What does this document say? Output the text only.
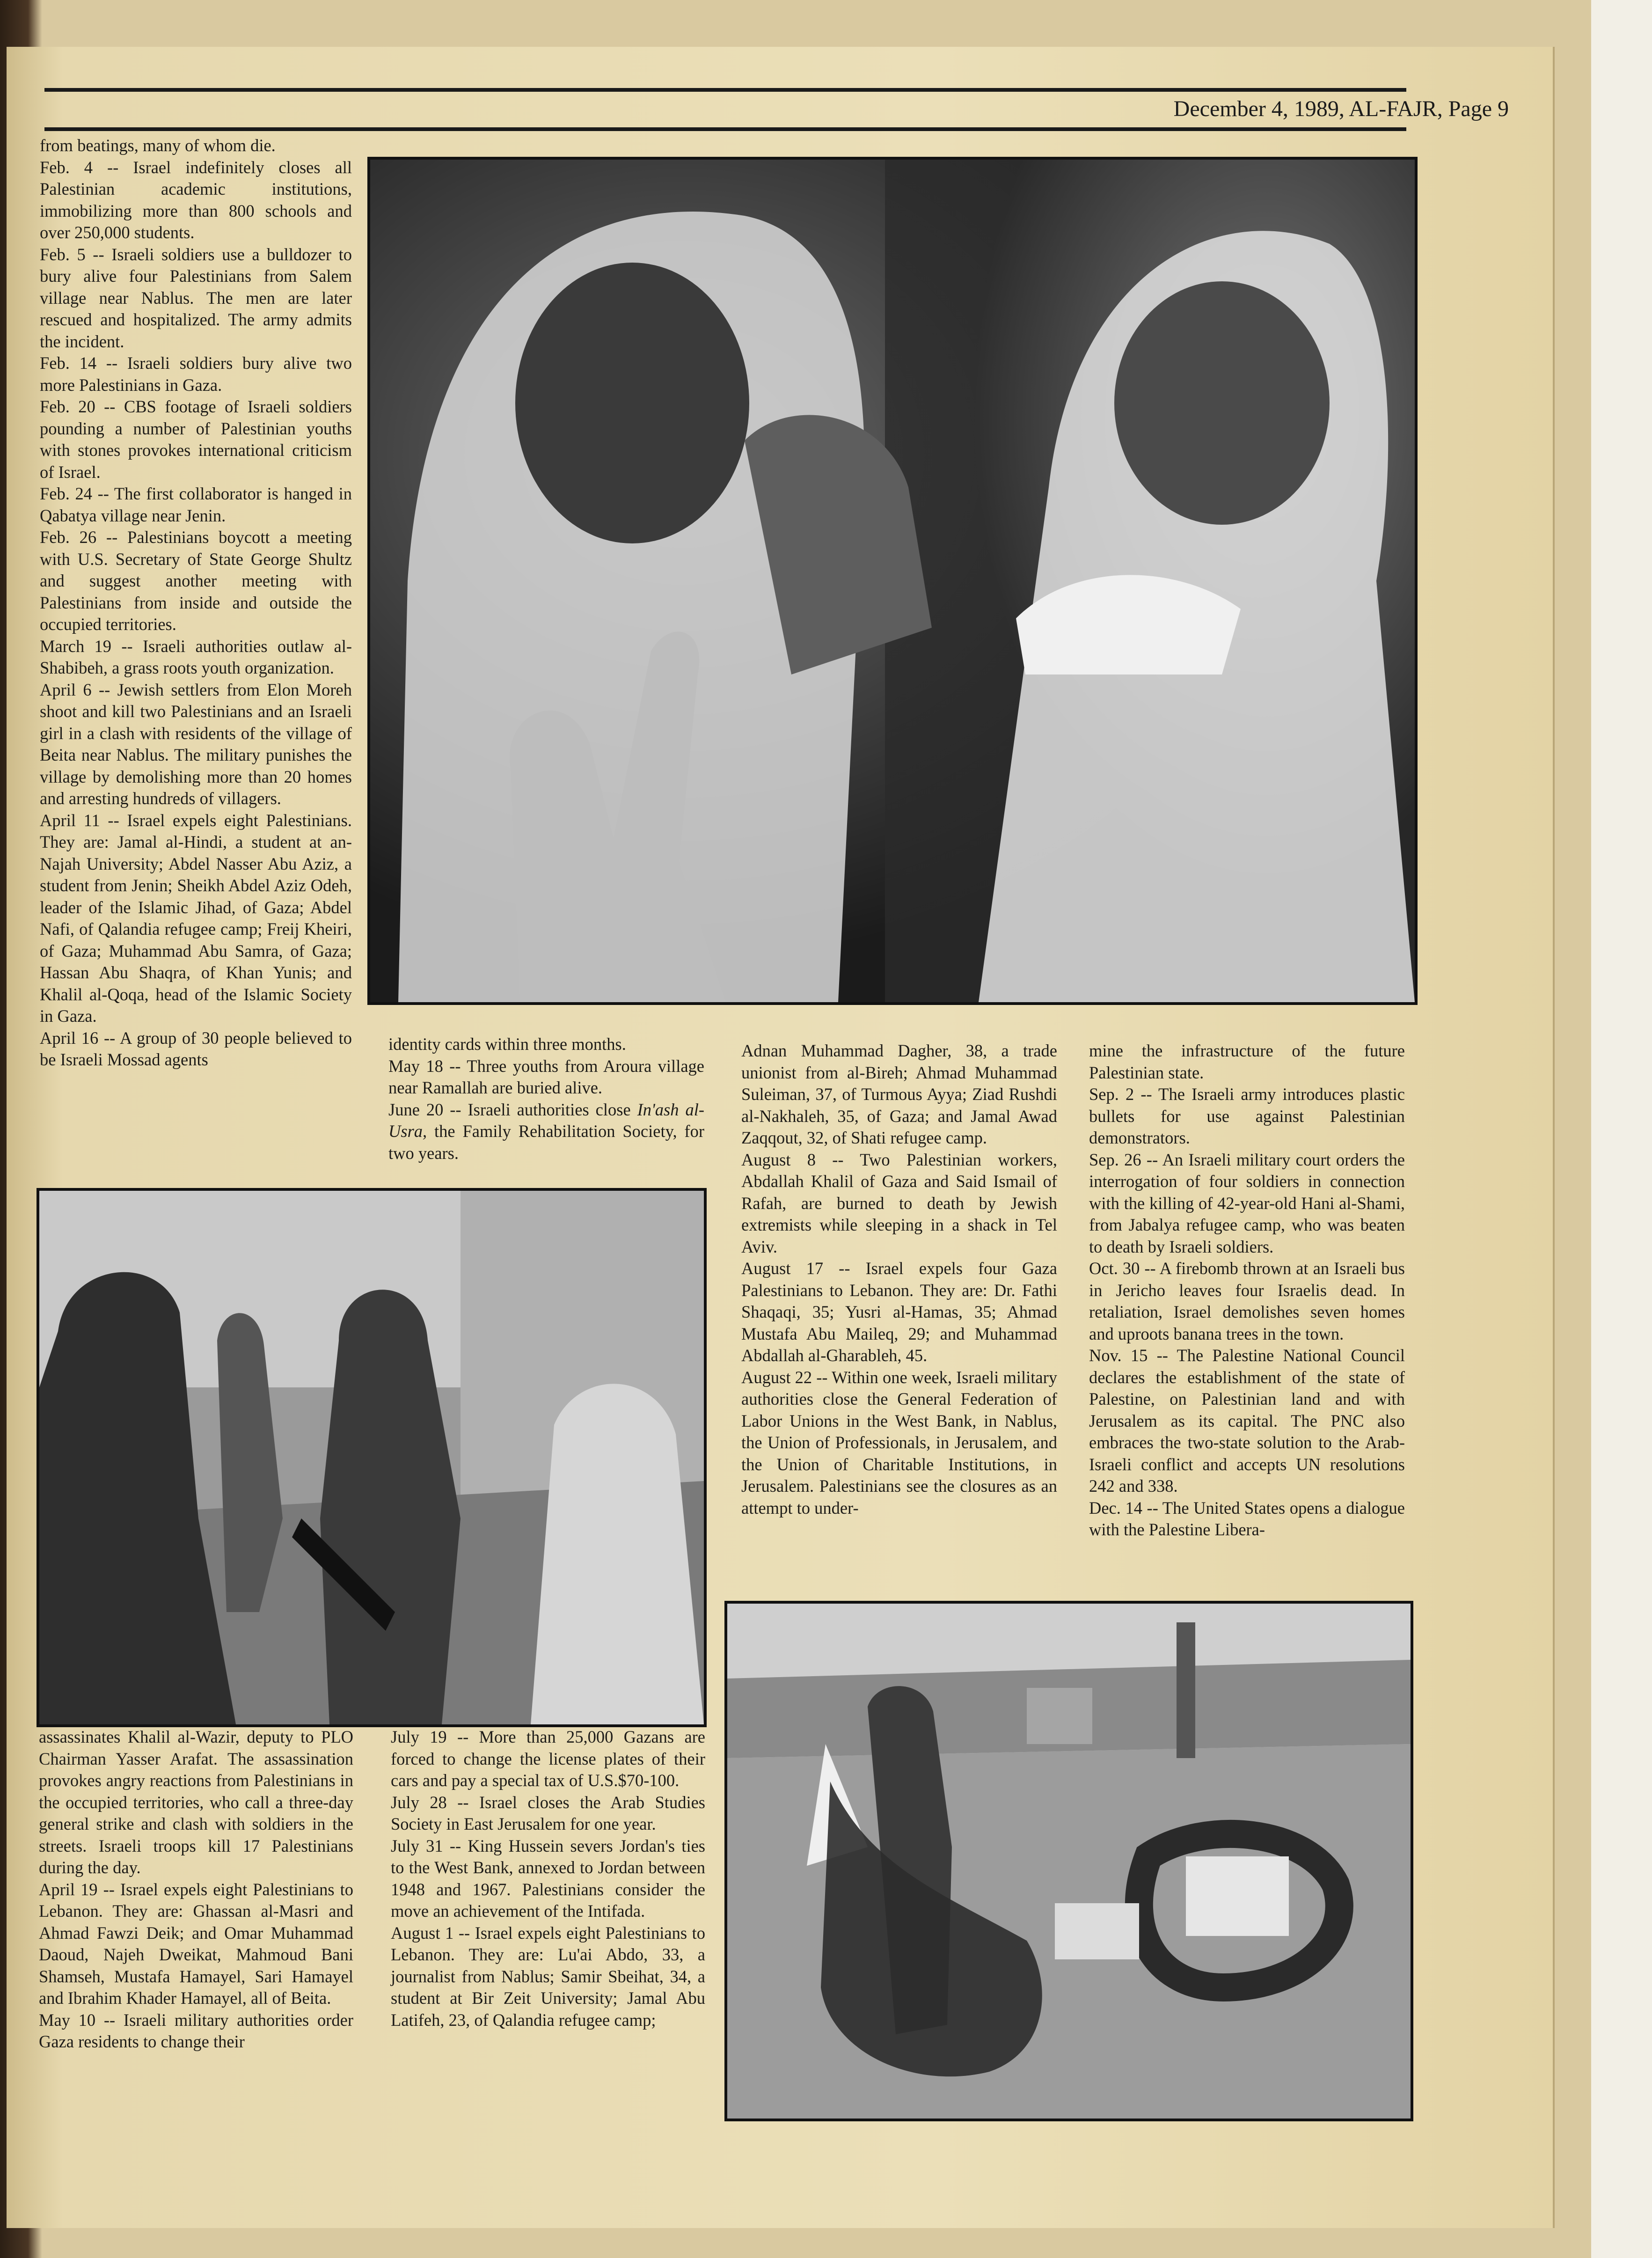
December 4, 1989, AL-FAJR, Page 9

from beatings, many of whom die.

Feb. 4 -- Israel indefinitely closes all Palestinian academic institutions, immobilizing more than 800 schools and over 250,000 students.

Feb. 5 -- Israeli soldiers use a bulldozer to bury alive four Palestinians from Salem village near Nablus. The men are later rescued and hospitalized. The army admits the incident.

Feb. 14 -- Israeli soldiers bury alive two more Palestinians in Gaza.

Feb. 20 -- CBS footage of Israeli soldiers pounding a number of Palestinian youths with stones provokes international criticism of Israel.

Feb. 24 -- The first collaborator is hanged in Qabatya village near Jenin.

Feb. 26 -- Palestinians boycott a meeting with U.S. Secretary of State George Shultz and suggest another meeting with Palestinians from inside and outside the occupied territories.

March 19 -- Israeli authorities outlaw al-Shabibeh, a grass roots youth organization.

April 6 -- Jewish settlers from Elon Moreh shoot and kill two Palestinians and an Israeli girl in a clash with residents of the village of Beita near Nablus. The military punishes the village by demolishing more than 20 homes and arresting hundreds of villagers.

April 11 -- Israel expels eight Palestinians. They are: Jamal al-Hindi, a student at an-Najah University; Abdel Nasser Abu Aziz, a student from Jenin; Sheikh Abdel Aziz Odeh, leader of the Islamic Jihad, of Gaza; Abdel Nafi, of Qalandia refugee camp; Freij Kheiri, of Gaza; Muhammad Abu Samra, of Gaza; Hassan Abu Shaqra, of Khan Yunis; and Khalil al-Qoqa, head of the Islamic Society in Gaza.

April 16 -- A group of 30 people believed to be Israeli Mossad agents

identity cards within three months.

May 18 -- Three youths from Aroura village near Ramallah are buried alive.

June 20 -- Israeli authorities close In'ash al-Usra, the Family Rehabilitation Society, for two years.

Adnan Muhammad Dagher, 38, a trade unionist from al-Bireh; Ahmad Muhammad Suleiman, 37, of Turmous Ayya; Ziad Rushdi al-Nakhaleh, 35, of Gaza; and Jamal Awad Zaqqout, 32, of Shati refugee camp.

August 8 -- Two Palestinian workers, Abdallah Khalil of Gaza and Said Ismail of Rafah, are burned to death by Jewish extremists while sleeping in a shack in Tel Aviv.

August 17 -- Israel expels four Gaza Palestinians to Lebanon. They are: Dr. Fathi Shaqaqi, 35; Yusri al-Hamas, 35; Ahmad Mustafa Abu Maileq, 29; and Muhammad Abdallah al-Gharableh, 45.

August 22 -- Within one week, Israeli military authorities close the General Federation of Labor Unions in the West Bank, in Nablus, the Union of Professionals, in Jerusalem, and the Union of Charitable Institutions, in Jerusalem. Palestinians see the closures as an attempt to under-

mine the infrastructure of the future Palestinian state.

Sep. 2 -- The Israeli army introduces plastic bullets for use against Palestinian demonstrators.

Sep. 26 -- An Israeli military court orders the interrogation of four soldiers in connection with the killing of 42-year-old Hani al-Shami, from Jabalya refugee camp, who was beaten to death by Israeli soldiers.

Oct. 30 -- A firebomb thrown at an Israeli bus in Jericho leaves four Israelis dead. In retaliation, Israel demolishes seven homes and uproots banana trees in the town.

Nov. 15 -- The Palestine National Council declares the establishment of the state of Palestine, on Palestinian land and with Jerusalem as its capital. The PNC also embraces the two-state solution to the Arab-Israeli conflict and accepts UN resolutions 242 and 338.

Dec. 14 -- The United States opens a dialogue with the Palestine Libera-

assassinates Khalil al-Wazir, deputy to PLO Chairman Yasser Arafat. The assassination provokes angry reactions from Palestinians in the occupied territories, who call a three-day general strike and clash with soldiers in the streets. Israeli troops kill 17 Palestinians during the day.

April 19 -- Israel expels eight Palestinians to Lebanon. They are: Ghassan al-Masri and Ahmad Fawzi Deik; and Omar Muhammad Daoud, Najeh Dweikat, Mahmoud Bani Shamseh, Mustafa Hamayel, Sari Hamayel and Ibrahim Khader Hamayel, all of Beita.

May 10 -- Israeli military authorities order Gaza residents to change their

July 19 -- More than 25,000 Gazans are forced to change the license plates of their cars and pay a special tax of U.S.$70-100.

July 28 -- Israel closes the Arab Studies Society in East Jerusalem for one year.

July 31 -- King Hussein severs Jordan's ties to the West Bank, annexed to Jordan between 1948 and 1967. Palestinians consider the move an achievement of the Intifada.

August 1 -- Israel expels eight Palestinians to Lebanon. They are: Lu'ai Abdo, 33, a journalist from Nablus; Samir Sbeihat, 34, a student at Bir Zeit University; Jamal Abu Latifeh, 23, of Qalandia refugee camp;
